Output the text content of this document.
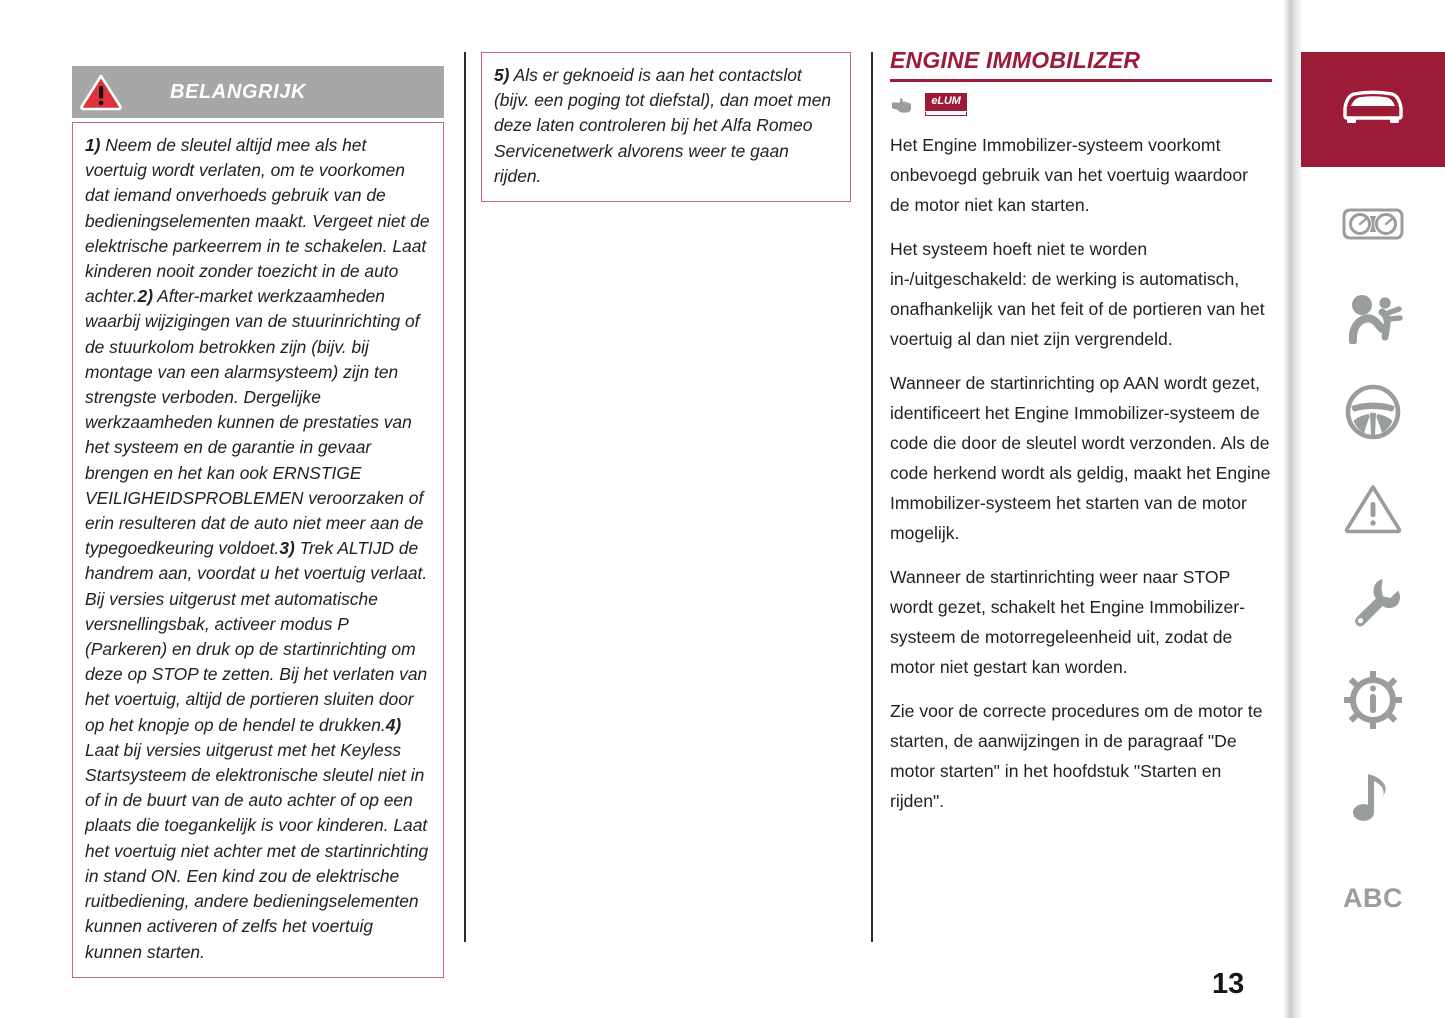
BELANGRIJK

1) Neem de sleutel altijd mee als het voertuig wordt verlaten, om te voorkomen dat iemand onverhoeds gebruik van de bedieningselementen maakt. Vergeet niet de elektrische parkeerrem in te schakelen. Laat kinderen nooit zonder toezicht in de auto achter.2) After-market werkzaamheden waarbij wijzigingen van de stuurinrichting of de stuurkolom betrokken zijn (bijv. bij montage van een alarmsysteem) zijn ten strengste verboden. Dergelijke werkzaamheden kunnen de prestaties van het systeem en de garantie in gevaar brengen en het kan ook ERNSTIGE VEILIGHEIDSPROBLEMEN veroorzaken of erin resulteren dat de auto niet meer aan de typegoedkeuring voldoet.3) Trek ALTIJD de handrem aan, voordat u het voertuig verlaat. Bij versies uitgerust met automatische versnellingsbak, activeer modus P (Parkeren) en druk op de startinrichting om deze op STOP te zetten. Bij het verlaten van het voertuig, altijd de portieren sluiten door op het knopje op de hendel te drukken.4) Laat bij versies uitgerust met het Keyless Startsysteem de elektronische sleutel niet in of in de buurt van de auto achter of op een plaats die toegankelijk is voor kinderen. Laat het voertuig niet achter met de startinrichting in stand ON. Een kind zou de elektrische ruitbediening, andere bedieningselementen kunnen activeren of zelfs het voertuig kunnen starten.

5) Als er geknoeid is aan het contactslot (bijv. een poging tot diefstal), dan moet men deze laten controleren bij het Alfa Romeo Servicenetwerk alvorens weer te gaan rijden.

ENGINE IMMOBILIZER
eLUM

Het Engine Immobilizer-systeem voorkomt onbevoegd gebruik van het voertuig waardoor de motor niet kan starten.

Het systeem hoeft niet te worden in-/uitgeschakeld: de werking is automatisch, onafhankelijk van het feit of de portieren van het voertuig al dan niet zijn vergrendeld.

Wanneer de startinrichting op AAN wordt gezet, identificeert het Engine Immobilizer-systeem de code die door de sleutel wordt verzonden. Als de code herkend wordt als geldig, maakt het Engine Immobilizer-systeem het starten van de motor mogelijk.

Wanneer de startinrichting weer naar STOP wordt gezet, schakelt het Engine Immobilizer-systeem de motorregeleenheid uit, zodat de motor niet gestart kan worden.

Zie voor de correcte procedures om de motor te starten, de aanwijzingen in de paragraaf "De motor starten" in het hoofdstuk "Starten en rijden".

13
ABC
